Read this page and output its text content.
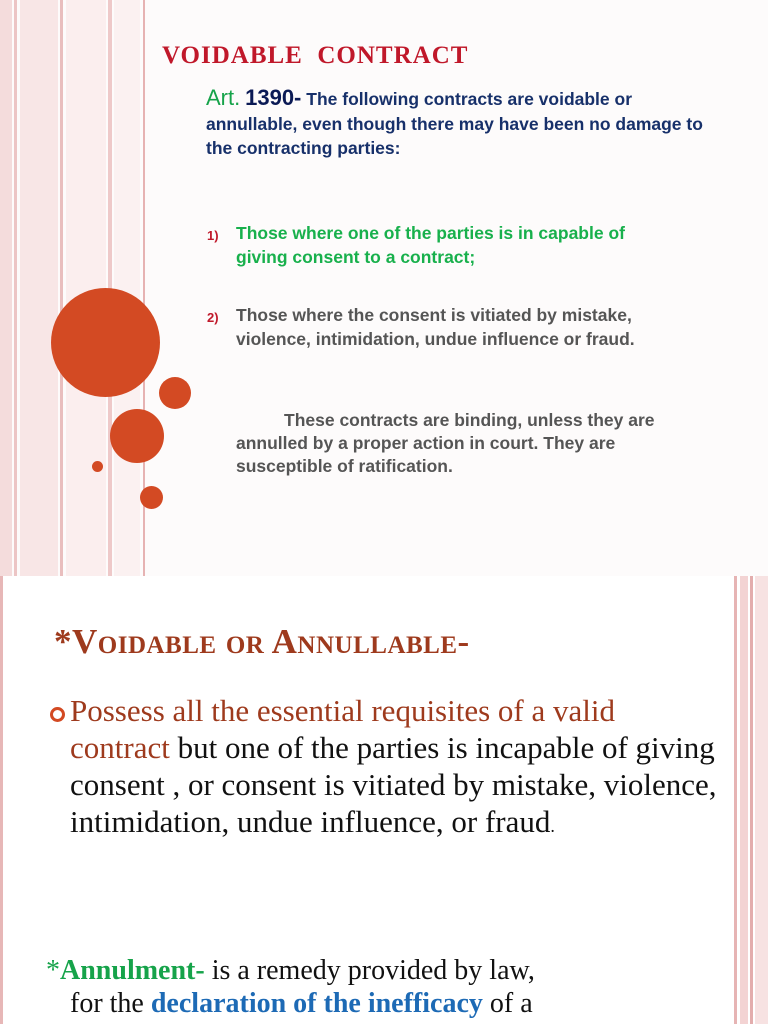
VOIDABLE  CONTRACT
Art. 1390- The following contracts are voidable or annullable, even though there may have been no damage to the contracting parties:
1) Those where one of the parties is in capable of giving consent to a contract;
2) Those where the consent is vitiated by mistake, violence, intimidation, undue influence or fraud.
These contracts are binding, unless they are annulled by a proper action in court. They are susceptible of ratification.
*Voidable or Annullable-
Possess all the essential requisites of a valid contract but one of the parties is incapable of giving consent , or consent is vitiated by mistake, violence, intimidation, undue influence, or fraud.
*Annulment- is a remedy provided by law,
for the declaration of the inefficacy of a
